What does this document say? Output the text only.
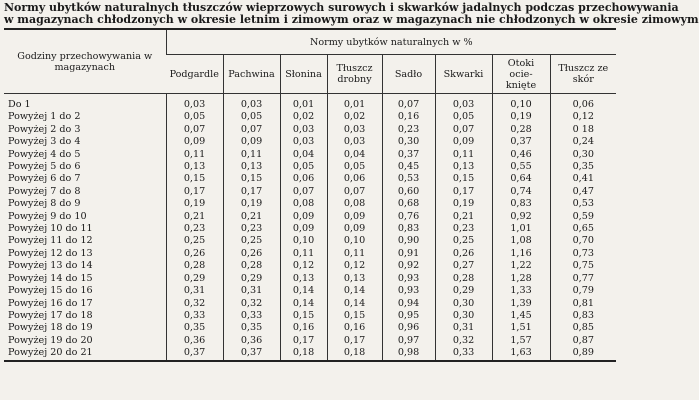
Normy ubytków naturalnych tłuszczów wieprzowych surowych i skwarków jadalnych podczas przechowywania
w magazynach chłodzonych w okresie letnim i zimowym oraz w magazynach nie chłodzonych w okresie zimowym
Godziny przechowywania w magazynach	Normy ubytków naturalnych w %							
	Podgardle	Pachwina	Słonina	Tłuszcz drobny	Sadło	Skwarki	Otoki ocie- knięte	Tłuszcz ze skór
Do 1	0,03	0,03	0,01	0,01	0,07	0,03	0,10	0,06
Powyżej 1 do 2	0,05	0,05	0,02	0,02	0,16	0,05	0,19	0,12
Powyżej 2 do 3	0,07	0,07	0,03	0,03	0,23	0,07	0,28	0 18
Powyżej 3 do 4	0,09	0,09	0,03	0,03	0,30	0,09	0,37	0,24
Powyżej 4 do 5	0,11	0,11	0,04	0,04	0,37	0,11	0,46	0,30
Powyżej 5 do 6	0,13	0,13	0,05	0,05	0,45	0,13	0,55	0,35
Powyżej 6 do 7	0,15	0,15	0,06	0,06	0,53	0,15	0,64	0,41
Powyżej 7 do 8	0,17	0,17	0,07	0,07	0,60	0,17	0,74	0,47
Powyżej 8 do 9	0,19	0,19	0,08	0,08	0,68	0,19	0,83	0,53
Powyżej 9 do 10	0,21	0,21	0,09	0,09	0,76	0,21	0,92	0,59
Powyżej 10 do 11	0,23	0,23	0,09	0,09	0,83	0,23	1,01	0,65
Powyżej 11 do 12	0,25	0,25	0,10	0,10	0,90	0,25	1,08	0,70
Powyżej 12 do 13	0,26	0,26	0,11	0,11	0,91	0,26	1,16	0,73
Powyżej 13 do 14	0,28	0,28	0,12	0,12	0,92	0,27	1,22	0,75
Powyżej 14 do 15	0,29	0,29	0,13	0,13	0,93	0,28	1,28	0,77
Powyżej 15 do 16	0,31	0,31	0,14	0,14	0,93	0,29	1,33	0,79
Powyżej 16 do 17	0,32	0,32	0,14	0,14	0,94	0,30	1,39	0,81
Powyżej 17 do 18	0,33	0,33	0,15	0,15	0,95	0,30	1,45	0,83
Powyżej 18 do 19	0,35	0,35	0,16	0,16	0,96	0,31	1,51	0,85
Powyżej 19 do 20	0,36	0,36	0,17	0,17	0,97	0,32	1,57	0,87
Powyżej 20 do 21	0,37	0,37	0,18	0,18	0,98	0,33	1,63	0,89
